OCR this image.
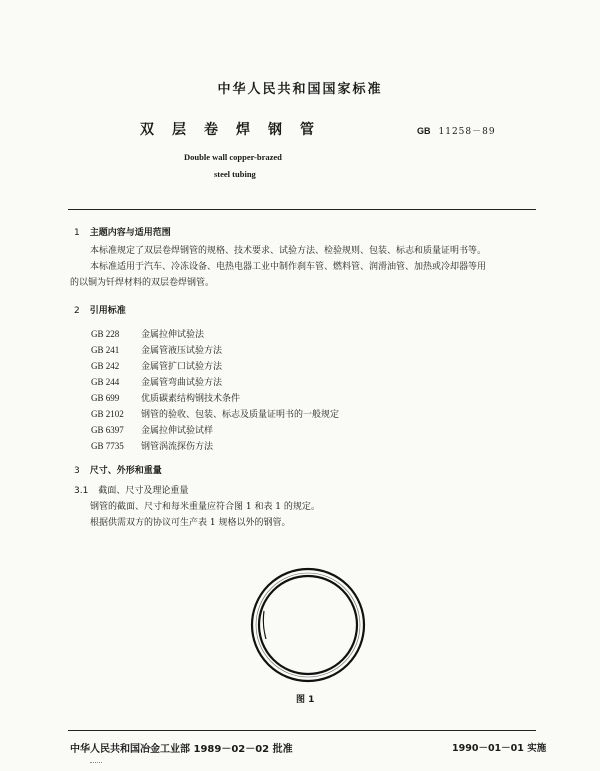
中华人民共和国国家标准
双层卷焊钢管	GB 11258－89
Double wall copper-brazed
steel tubing
1 主题内容与适用范围
本标准规定了双层卷焊钢管的规格、技术要求、试验方法、检验规则、包装、标志和质量证明书等。
本标准适用于汽车、冷冻设备、电热电器工业中制作刹车管、燃料管、润滑油管、加热或冷却器等用
的以铜为钎焊材料的双层卷焊钢管。
2 引用标准
GB 228 金属拉伸试验法
GB 241 金属管液压试验方法
GB 242 金属管扩口试验方法
GB 244 金属管弯曲试验方法
GB 699 优质碳素结构钢技术条件
GB 2102 钢管的验收、包装、标志及质量证明书的一般规定
GB 6397 金属拉伸试验试样
GB 7735 钢管涡流探伤方法
3 尺寸、外形和重量
3.1 截面、尺寸及理论重量
钢管的截面、尺寸和每米重量应符合图 1 和表 1 的规定。
根据供需双方的协议可生产表 1 规格以外的钢管。
图 1
中华人民共和国冶金工业部 1989－02－02 批准	1990－01－01 实施
